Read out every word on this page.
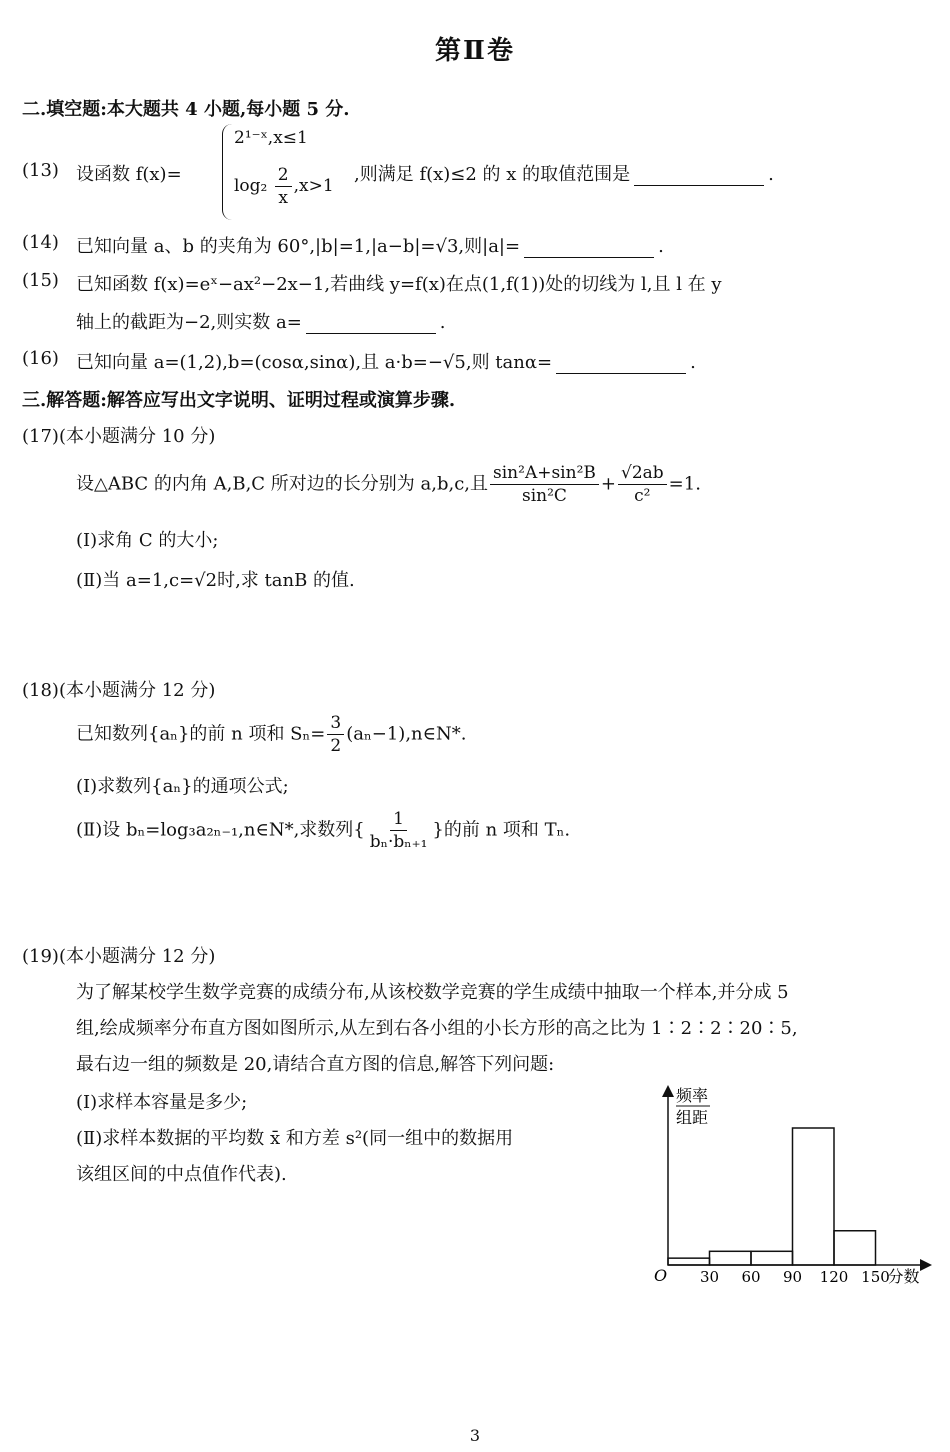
第Ⅱ卷
二.填空题:本大题共 4 小题,每小题 5 分.
(13) 设函数 f(x)=
2¹⁻ˣ,x≤1
$\log_2 \frac{2}{x} ,x>1$
,则满足 f(x)≤2 的 x 的取值范围是	.
(14) 已知向量 a、b 的夹角为 60°,|b|=1,|a−b|=√3,则|a|=	.
(15) 已知函数 f(x)=eˣ−ax²−2x−1,若曲线 y=f(x)在点(1,f(1))处的切线为 l,且 l 在 y
轴上的截距为−2,则实数 a=	.
(16) 已知向量 a=(1,2),b=(cosα,sinα),且 a·b=−√5,则 tanα=	.
三.解答题:解答应写出文字说明、证明过程或演算步骤.
(17)(本小题满分 10 分)
设△ABC 的内角 A,B,C 所对边的长分别为 a,b,c,且 $\frac{\text{sin²A+sin²B}}{\text{sin²C}} + \frac{√2ab}{\text{c²}} =1$.
(Ⅰ)求角 C 的大小;
(Ⅱ)当 a=1,c=√2时,求 tanB 的值.
(18)(本小题满分 12 分)
已知数列{aₙ}的前 n 项和 $S_n= \frac{3}{2}$ (aₙ−1),n∈N*.
(Ⅰ)求数列{aₙ}的通项公式;
(Ⅱ)设 bₙ=log₃a₂ₙ₋₁,n∈N*,求数列{ $\frac{1}{\text{bₙ·bₙ₊₁}}$ }的前 n 项和 Tₙ.
(19)(本小题满分 12 分)
为了解某校学生数学竞赛的成绩分布,从该校数学竞赛的学生成绩中抽取一个样本,并分成 5
组,绘成频率分布直方图如图所示,从左到右各小组的小长方形的高之比为 1∶2∶2∶20∶5,
最右边一组的频数是 20,请结合直方图的信息,解答下列问题:
(Ⅰ)求样本容量是多少;
(Ⅱ)求样本数据的平均数 x̄ 和方差 s²(同一组中的数据用
该组区间的中点值作代表).
频率
组距
O 30 60 90 120 150
分数
3
